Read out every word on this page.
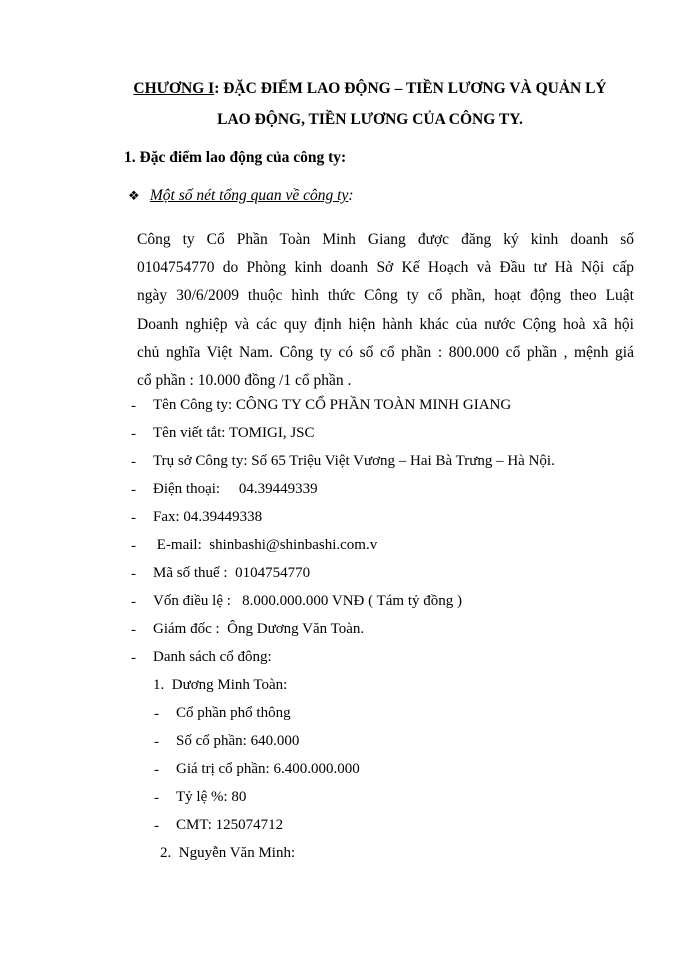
CHƯƠNG I: ĐẶC ĐIỂM LAO ĐỘNG – TIỀN LƯƠNG VÀ QUẢN LÝ

LAO ĐỘNG, TIỀN LƯƠNG CỦA CÔNG TY.

1. Đặc điểm lao động của công ty:

❖ Một số nét tổng quan về công ty:

Công ty Cổ Phần Toàn Minh Giang được đăng ký kinh doanh số
0104754770 do Phòng kinh doanh Sở Kế Hoạch và Đầu tư Hà Nội cấp
ngày 30/6/2009 thuộc hình thức Công ty cổ phần, hoạt động theo Luật
Doanh nghiệp và các quy định hiện hành khác của nước Cộng hoà xã hội
chủ nghĩa Việt Nam. Công ty có số cổ phần : 800.000 cổ phần , mệnh giá
cổ phần : 10.000 đồng /1 cổ phần .

- Tên Công ty: CÔNG TY CỔ PHẦN TOÀN MINH GIANG
- Tên viết tắt: TOMIGI, JSC
- Trụ sở Công ty: Số 65 Triệu Việt Vương – Hai Bà Trưng – Hà Nội.
- Điện thoại:     04.39449339
- Fax: 04.39449338
- E-mail:  shinbashi@shinbashi.com.v
- Mã số thuế :  0104754770
- Vốn điều lệ :   8.000.000.000 VNĐ ( Tám tỷ đồng )
- Giám đốc :  Ông Dương Văn Toàn.
- Danh sách cổ đông:
1.  Dương Minh Toàn:
- Cổ phần phổ thông
- Số cổ phần: 640.000
- Giá trị cổ phần: 6.400.000.000
- Tỷ lệ %: 80
- CMT: 125074712
2.  Nguyễn Văn Minh:
